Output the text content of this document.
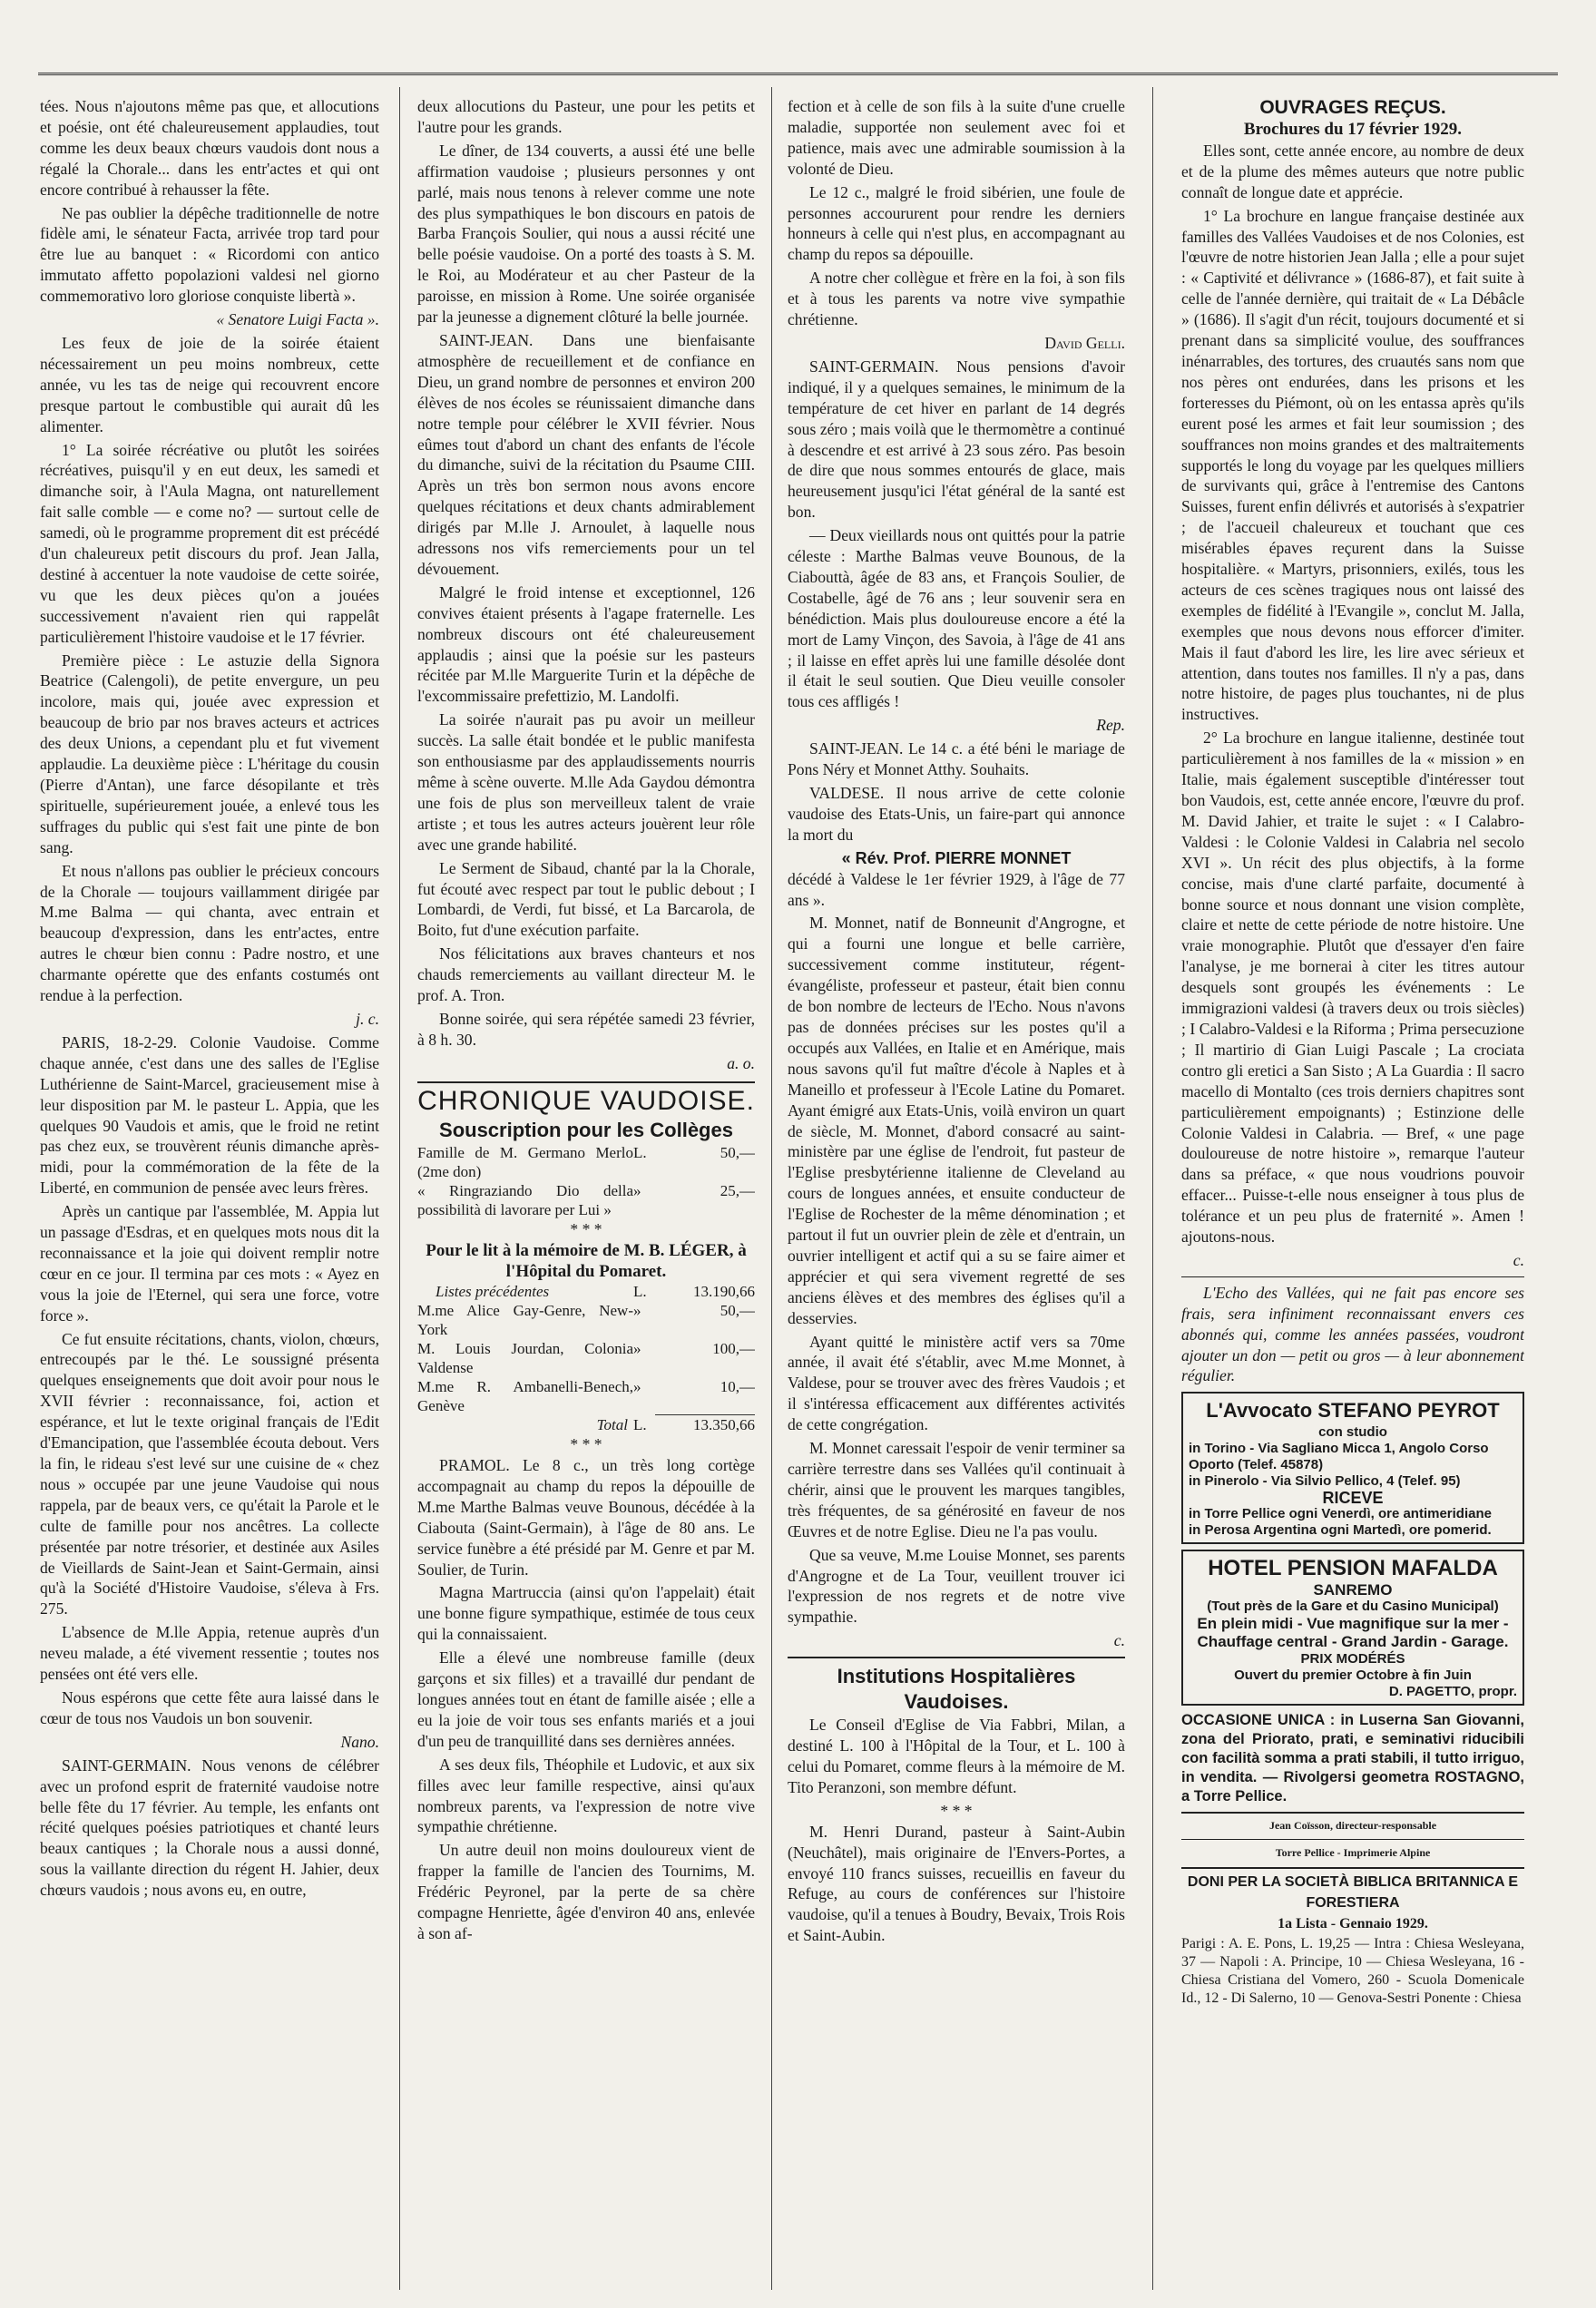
tées. Nous n'ajoutons même pas que, et allocutions et poésie, ont été chaleureusement applaudies, tout comme les deux beaux chœurs vaudois dont nous a régalé la Chorale... dans les entr'actes et qui ont encore contribué à rehausser la fête.

Ne pas oublier la dépêche traditionnelle de notre fidèle ami, le sénateur Facta, arrivée trop tard pour être lue au banquet : « Ricordomi con antico immutato affetto popolazioni valdesi nel giorno commemorativo loro gloriose conquiste libertà ».

« Senatore Luigi Facta ».

Les feux de joie de la soirée étaient nécessairement un peu moins nombreux, cette année, vu les tas de neige qui recouvrent encore presque partout le combustible qui aurait dû les alimenter.

1° La soirée récréative ou plutôt les soirées récréatives, puisqu'il y en eut deux, les samedi et dimanche soir, à l'Aula Magna, ont naturellement fait salle comble — e come no? — surtout celle de samedi, où le programme proprement dit est précédé d'un chaleureux petit discours du prof. Jean Jalla, destiné à accentuer la note vaudoise de cette soirée, vu que les deux pièces qu'on a jouées successivement n'avaient rien qui rappelât particulièrement l'histoire vaudoise et le 17 février.

Première pièce : Le astuzie della Signora Beatrice (Calengoli), de petite envergure, un peu incolore, mais qui, jouée avec expression et beaucoup de brio par nos braves acteurs et actrices des deux Unions, a cependant plu et fut vivement applaudie. La deuxième pièce : L'héritage du cousin (Pierre d'Antan), une farce désopilante et très spirituelle, supérieurement jouée, a enlevé tous les suffrages du public qui s'est fait une pinte de bon sang.

Et nous n'allons pas oublier le précieux concours de la Chorale — toujours vaillamment dirigée par M.me Balma — qui chanta, avec entrain et beaucoup d'expression, dans les entr'actes, entre autres le chœur bien connu : Padre nostro, et une charmante opérette que des enfants costumés ont rendue à la perfection.

j. c.

PARIS, 18-2-29. Colonie Vaudoise. Comme chaque année, c'est dans une des salles de l'Eglise Luthérienne de Saint-Marcel, gracieusement mise à leur disposition par M. le pasteur L. Appia, que les quelques 90 Vaudois et amis, que le froid ne retint pas chez eux, se trouvèrent réunis dimanche après-midi, pour la commémoration de la fête de la Liberté, en communion de pensée avec leurs frères.

Après un cantique par l'assemblée, M. Appia lut un passage d'Esdras, et en quelques mots nous dit la reconnaissance et la joie qui doivent remplir notre cœur en ce jour. Il termina par ces mots : « Ayez en vous la joie de l'Eternel, qui sera une force, votre force ».

Ce fut ensuite récitations, chants, violon, chœurs, entrecoupés par le thé. Le soussigné présenta quelques enseignements que doit avoir pour nous le XVII février : reconnaissance, foi, action et espérance, et lut le texte original français de l'Edit d'Emancipation, que l'assemblée écouta debout. Vers la fin, le rideau s'est levé sur une cuisine de « chez nous » occupée par une jeune Vaudoise qui nous rappela, par de beaux vers, ce qu'était la Parole et le culte de famille pour nos ancêtres. La collecte présentée par notre trésorier, et destinée aux Asiles de Vieillards de Saint-Jean et Saint-Germain, ainsi qu'à la Société d'Histoire Vaudoise, s'éleva à Frs. 275.

L'absence de M.lle Appia, retenue auprès d'un neveu malade, a été vivement ressentie ; toutes nos pensées ont été vers elle.

Nous espérons que cette fête aura laissé dans le cœur de tous nos Vaudois un bon souvenir.

Nano.

SAINT-GERMAIN. Nous venons de célébrer avec un profond esprit de fraternité vaudoise notre belle fête du 17 février. Au temple, les enfants ont récité quelques poésies patriotiques et chanté leurs beaux cantiques ; la Chorale nous a aussi donné, sous la vaillante direction du régent H. Jahier, deux chœurs vaudois ; nous avons eu, en outre,

deux allocutions du Pasteur, une pour les petits et l'autre pour les grands.

Le dîner, de 134 couverts, a aussi été une belle affirmation vaudoise ; plusieurs personnes y ont parlé, mais nous tenons à relever comme une note des plus sympathiques le bon discours en patois de Barba François Soulier, qui nous a aussi récité une belle poésie vaudoise. On a porté des toasts à S. M. le Roi, au Modérateur et au cher Pasteur de la paroisse, en mission à Rome. Une soirée organisée par la jeunesse a dignement clôturé la belle journée.

SAINT-JEAN. Dans une bienfaisante atmosphère de recueillement et de confiance en Dieu, un grand nombre de personnes et environ 200 élèves de nos écoles se réunissaient dimanche dans notre temple pour célébrer le XVII février. Nous eûmes tout d'abord un chant des enfants de l'école du dimanche, suivi de la récitation du Psaume CIII. Après un très bon sermon nous avons encore quelques récitations et deux chants admirablement dirigés par M.lle J. Arnoulet, à laquelle nous adressons nos vifs remerciements pour un tel dévouement.

Malgré le froid intense et exceptionnel, 126 convives étaient présents à l'agape fraternelle. Les nombreux discours ont été chaleureusement applaudis ; ainsi que la poésie sur les pasteurs récitée par M.lle Marguerite Turin et la dépêche de l'excommissaire prefettizio, M. Landolfi.

La soirée n'aurait pas pu avoir un meilleur succès. La salle était bondée et le public manifesta son enthousiasme par des applaudissements nourris même à scène ouverte. M.lle Ada Gaydou démontra une fois de plus son merveilleux talent de vraie artiste ; et tous les autres acteurs jouèrent leur rôle avec une grande habilité.

Le Serment de Sibaud, chanté par la la Chorale, fut écouté avec respect par tout le public debout ; I Lombardi, de Verdi, fut bissé, et La Barcarola, de Boito, fut d'une exécution parfaite.

Nos félicitations aux braves chanteurs et nos chauds remerciements au vaillant directeur M. le prof. A. Tron.

Bonne soirée, qui sera répétée samedi 23 février, à 8 h. 30.

a. o.

CHRONIQUE VAUDOISE.
Souscription pour les Collèges
Famille de M. Germano Merlo (2me don)	L.	50,—
« Ringraziando Dio della possibilità di lavorare per Lui »	»	25,—
* * *
Pour le lit à la mémoire de M. B. LÉGER, à l'Hôpital du Pomaret.
Listes précédentes	L.	13.190,66
M.me Alice Gay-Genre, New-York	»	50,—
M. Louis Jourdan, Colonia Valdense	»	100,—
M.me R. Ambanelli-Benech, Genève	»	10,—
Total	L.	13.350,66
* * *

PRAMOL. Le 8 c., un très long cortège accompagnait au champ du repos la dépouille de M.me Marthe Balmas veuve Bounous, décédée à la Ciabouta (Saint-Germain), à l'âge de 80 ans. Le service funèbre a été présidé par M. Genre et par M. Soulier, de Turin.

Magna Martruccia (ainsi qu'on l'appelait) était une bonne figure sympathique, estimée de tous ceux qui la connaissaient.

Elle a élevé une nombreuse famille (deux garçons et six filles) et a travaillé dur pendant de longues années tout en étant de famille aisée ; elle a eu la joie de voir tous ses enfants mariés et a joui d'un peu de tranquillité dans ses dernières années.

A ses deux fils, Théophile et Ludovic, et aux six filles avec leur famille respective, ainsi qu'aux nombreux parents, va l'expression de notre vive sympathie chrétienne.

Un autre deuil non moins douloureux vient de frapper la famille de l'ancien des Tournims, M. Frédéric Peyronel, par la perte de sa chère compagne Henriette, âgée d'environ 40 ans, enlevée à son af-

fection et à celle de son fils à la suite d'une cruelle maladie, supportée non seulement avec foi et patience, mais avec une admirable soumission à la volonté de Dieu.

Le 12 c., malgré le froid sibérien, une foule de personnes accoururent pour rendre les derniers honneurs à celle qui n'est plus, en accompagnant au champ du repos sa dépouille.

A notre cher collègue et frère en la foi, à son fils et à tous les parents va notre vive sympathie chrétienne.

David Gelli.

SAINT-GERMAIN. Nous pensions d'avoir indiqué, il y a quelques semaines, le minimum de la température de cet hiver en parlant de 14 degrés sous zéro ; mais voilà que le thermomètre a continué à descendre et est arrivé à 23 sous zéro. Pas besoin de dire que nous sommes entourés de glace, mais heureusement jusqu'ici l'état général de la santé est bon.

— Deux vieillards nous ont quittés pour la patrie céleste : Marthe Balmas veuve Bounous, de la Ciabouttà, âgée de 83 ans, et François Soulier, de Costabelle, âgé de 76 ans ; leur souvenir sera en bénédiction. Mais plus douloureuse encore a été la mort de Lamy Vinçon, des Savoia, à l'âge de 41 ans ; il laisse en effet après lui une famille désolée dont il était le seul soutien. Que Dieu veuille consoler tous ces affligés !

Rep.

SAINT-JEAN. Le 14 c. a été béni le mariage de Pons Néry et Monnet Atthy. Souhaits.

VALDESE. Il nous arrive de cette colonie vaudoise des Etats-Unis, un faire-part qui annonce la mort du

« Rév. Prof. PIERRE MONNET

décédé à Valdese le 1er février 1929, à l'âge de 77 ans ».

M. Monnet, natif de Bonneunit d'Angrogne, et qui a fourni une longue et belle carrière, successivement comme instituteur, régent-évangéliste, professeur et pasteur, était bien connu de bon nombre de lecteurs de l'Echo. Nous n'avons pas de données précises sur les postes qu'il a occupés aux Vallées, en Italie et en Amérique, mais nous savons qu'il fut maître d'école à Naples et à Maneillo et professeur à l'Ecole Latine du Pomaret. Ayant émigré aux Etats-Unis, voilà environ un quart de siècle, M. Monnet, d'abord consacré au saint-ministère par une église de l'endroit, fut pasteur de l'Eglise presbytérienne italienne de Cleveland au cours de longues années, et ensuite conducteur de l'Eglise de Rochester de la même dénomination ; et partout il fut un ouvrier plein de zèle et d'entrain, un ouvrier intelligent et actif qui a su se faire aimer et apprécier et qui sera vivement regretté de ses anciens élèves et des membres des églises qu'il a desservies.

Ayant quitté le ministère actif vers sa 70me année, il avait été s'établir, avec M.me Monnet, à Valdese, pour se trouver avec des frères Vaudois ; et il s'intéressa efficacement aux différentes activités de cette congrégation.

M. Monnet caressait l'espoir de venir terminer sa carrière terrestre dans ses Vallées qu'il continuait à chérir, ainsi que le prouvent les marques tangibles, très fréquentes, de sa générosité en faveur de nos Œuvres et de notre Eglise. Dieu ne l'a pas voulu.

Que sa veuve, M.me Louise Monnet, ses parents d'Angrogne et de La Tour, veuillent trouver ici l'expression de nos regrets et de notre vive sympathie.

c.

Institutions Hospitalières Vaudoises.

Le Conseil d'Eglise de Via Fabbri, Milan, a destiné L. 100 à l'Hôpital de la Tour, et L. 100 à celui du Pomaret, comme fleurs à la mémoire de M. Tito Peranzoni, son membre défunt.

* * *

M. Henri Durand, pasteur à Saint-Aubin (Neuchâtel), mais originaire de l'Envers-Portes, a envoyé 110 francs suisses, recueillis en faveur du Refuge, au cours de conférences sur l'histoire vaudoise, qu'il a tenues à Boudry, Bevaix, Trois Rois et Saint-Aubin.

OUVRAGES REÇUS.
Brochures du 17 février 1929.

Elles sont, cette année encore, au nombre de deux et de la plume des mêmes auteurs que notre public connaît de longue date et apprécie.

1° La brochure en langue française destinée aux familles des Vallées Vaudoises et de nos Colonies, est l'œuvre de notre historien Jean Jalla ; elle a pour sujet : « Captivité et délivrance » (1686-87), et fait suite à celle de l'année dernière, qui traitait de « La Débâcle » (1686). Il s'agit d'un récit, toujours documenté et si prenant dans sa simplicité voulue, des souffrances inénarrables, des tortures, des cruautés sans nom que nos pères ont endurées, dans les prisons et les forteresses du Piémont, où on les entassa après qu'ils eurent posé les armes et fait leur soumission ; des souffrances non moins grandes et des maltraitements supportés le long du voyage par les quelques milliers de survivants qui, grâce à l'entremise des Cantons Suisses, furent enfin délivrés et autorisés à s'expatrier ; de l'accueil chaleureux et touchant que ces misérables épaves reçurent dans la Suisse hospitalière. « Martyrs, prisonniers, exilés, tous les acteurs de ces scènes tragiques nous ont laissé des exemples de fidélité à l'Evangile », conclut M. Jalla, exemples que nous devons nous efforcer d'imiter. Mais il faut d'abord les lire, les lire avec sérieux et attention, dans toutes nos familles. Il n'y a pas, dans notre histoire, de pages plus touchantes, ni de plus instructives.

2° La brochure en langue italienne, destinée tout particulièrement à nos familles de la « mission » en Italie, mais également susceptible d'intéresser tout bon Vaudois, est, cette année encore, l'œuvre du prof. M. David Jahier, et traite le sujet : « I Calabro-Valdesi : le Colonie Valdesi in Calabria nel secolo XVI ». Un récit des plus objectifs, à la forme concise, mais d'une clarté parfaite, documenté à bonne source et nous donnant une vision complète, claire et nette de cette période de notre histoire. Une vraie monographie. Plutôt que d'essayer d'en faire l'analyse, je me bornerai à citer les titres autour desquels sont groupés les événements : Le immigrazioni valdesi (à travers deux ou trois siècles) ; I Calabro-Valdesi e la Riforma ; Prima persecuzione ; Il martirio di Gian Luigi Pascale ; La crociata contro gli eretici a San Sisto ; A La Guardia : Il sacro macello di Montalto (ces trois derniers chapitres sont particulièrement empoignants) ; Estinzione delle Colonie Valdesi in Calabria. — Bref, « une page douloureuse de notre histoire », remarque l'auteur dans sa préface, « que nous voudrions pouvoir effacer... Puisse-t-elle nous enseigner à tous plus de tolérance et un peu plus de fraternité ». Amen ! ajoutons-nous.

c.

L'Echo des Vallées, qui ne fait pas encore ses frais, sera infiniment reconnaissant envers ces abonnés qui, comme les années passées, voudront ajouter un don — petit ou gros — à leur abonnement régulier.

L'Avvocato STEFANO PEYROT
con studio
in Torino - Via Sagliano Micca 1, Angolo Corso Oporto (Telef. 45878)
in Pinerolo - Via Silvio Pellico, 4 (Telef. 95)
RICEVE
in Torre Pellice ogni Venerdì, ore antimeridiane
in Perosa Argentina ogni Martedì, ore pomerid.
HOTEL PENSION MAFALDA
SANREMO
(Tout près de la Gare et du Casino Municipal)
En plein midi - Vue magnifique sur la mer - Chauffage central - Grand Jardin - Garage.
PRIX MODÉRÉS
Ouvert du premier Octobre à fin Juin
D. PAGETTO, propr.

OCCASIONE UNICA : in Luserna San Giovanni, zona del Priorato, prati, e seminativi riducibili con facilità somma a prati stabili, il tutto irriguo, in vendita. — Rivolgersi geometra ROSTAGNO, a Torre Pellice.

Jean Coïsson, directeur-responsable
Torre Pellice - Imprimerie Alpine
DONI PER LA SOCIETÀ BIBLICA BRITANNICA E FORESTIERA
1a Lista - Gennaio 1929.

Parigi : A. E. Pons, L. 19,25 — Intra : Chiesa Wesleyana, 37 — Napoli : A. Principe, 10 — Chiesa Wesleyana, 16 - Chiesa Cristiana del Vomero, 260 - Scuola Domenicale Id., 12 - Di Salerno, 10 — Genova-Sestri Ponente : Chiesa
